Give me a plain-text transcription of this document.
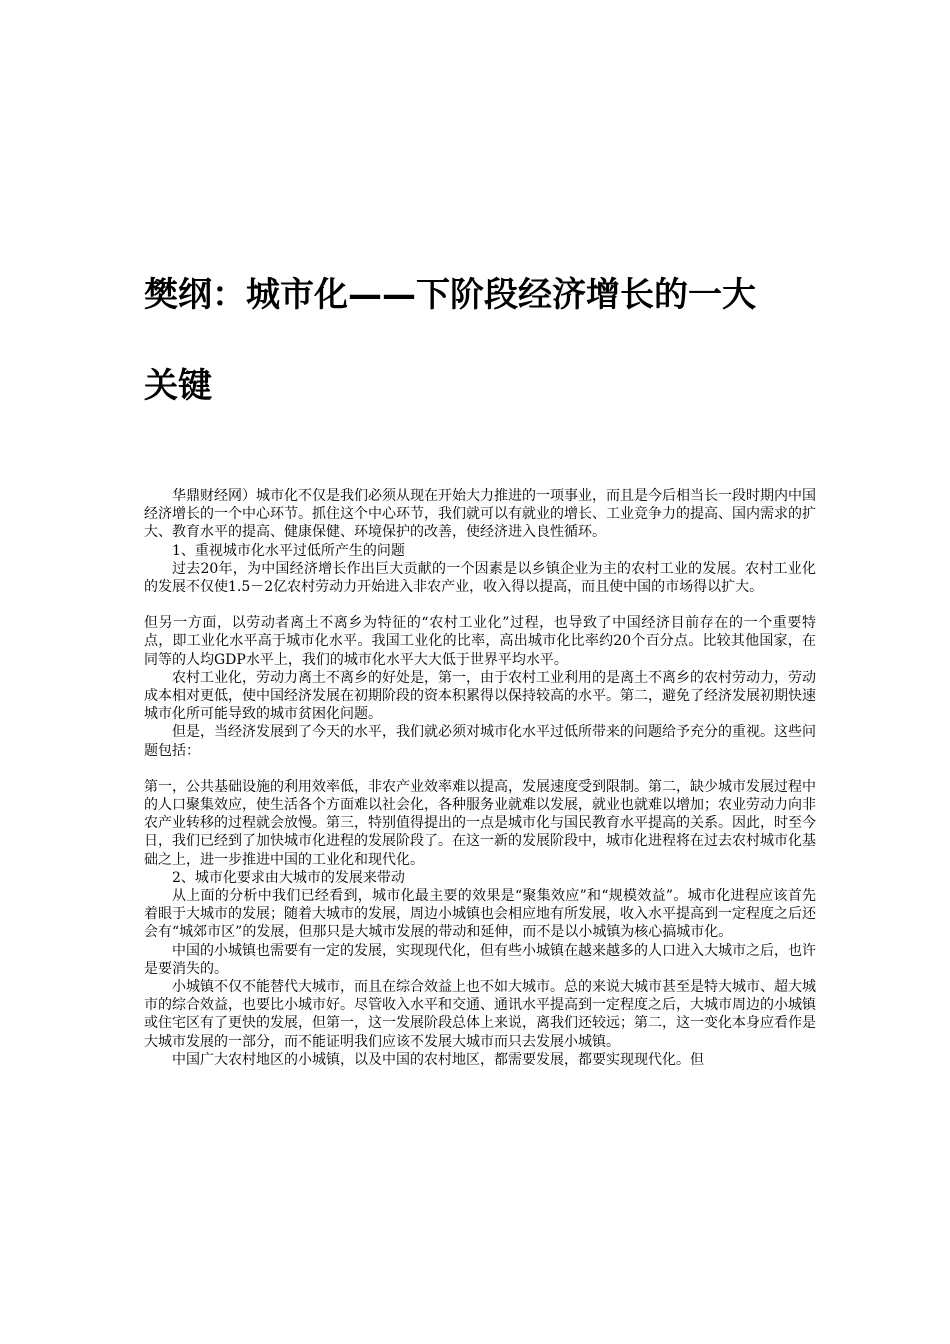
樊纲：城市化——下阶段经济增长的一大
关键

华鼎财经网）城市化不仅是我们必须从现在开始大力推进的一项事业，而且是今后相当长一段时期内中国经济增长的一个中心环节。抓住这个中心环节，我们就可以有就业的增长、工业竞争力的提高、国内需求的扩大、教育水平的提高、健康保健、环境保护的改善，使经济进入良性循环。

1、重视城市化水平过低所产生的问题

过去20年，为中国经济增长作出巨大贡献的一个因素是以乡镇企业为主的农村工业的发展。农村工业化的发展不仅使1.5－2亿农村劳动力开始进入非农产业，收入得以提高，而且使中国的市场得以扩大。

但另一方面，以劳动者离土不离乡为特征的“农村工业化”过程，也导致了中国经济目前存在的一个重要特点，即工业化水平高于城市化水平。我国工业化的比率，高出城市化比率约20个百分点。比较其他国家，在同等的人均GDP水平上，我们的城市化水平大大低于世界平均水平。

农村工业化，劳动力离土不离乡的好处是，第一，由于农村工业利用的是离土不离乡的农村劳动力，劳动成本相对更低，使中国经济发展在初期阶段的资本积累得以保持较高的水平。第二，避免了经济发展初期快速城市化所可能导致的城市贫困化问题。

但是，当经济发展到了今天的水平，我们就必须对城市化水平过低所带来的问题给予充分的重视。这些问题包括：

第一，公共基础设施的利用效率低，非农产业效率难以提高，发展速度受到限制。第二，缺少城市发展过程中的人口聚集效应，使生活各个方面难以社会化，各种服务业就难以发展，就业也就难以增加；农业劳动力向非农产业转移的过程就会放慢。第三，特别值得提出的一点是城市化与国民教育水平提高的关系。因此，时至今日，我们已经到了加快城市化进程的发展阶段了。在这一新的发展阶段中，城市化进程将在过去农村城市化基础之上，进一步推进中国的工业化和现代化。

2、城市化要求由大城市的发展来带动

从上面的分析中我们已经看到，城市化最主要的效果是“聚集效应”和“规模效益”。城市化进程应该首先着眼于大城市的发展；随着大城市的发展，周边小城镇也会相应地有所发展，收入水平提高到一定程度之后还会有“城郊市区”的发展，但那只是大城市发展的带动和延伸，而不是以小城镇为核心搞城市化。

中国的小城镇也需要有一定的发展，实现现代化，但有些小城镇在越来越多的人口进入大城市之后，也许是要消失的。

小城镇不仅不能替代大城市，而且在综合效益上也不如大城市。总的来说大城市甚至是特大城市、超大城市的综合效益，也要比小城市好。尽管收入水平和交通、通讯水平提高到一定程度之后，大城市周边的小城镇或住宅区有了更快的发展，但第一，这一发展阶段总体上来说，离我们还较远；第二，这一变化本身应看作是大城市发展的一部分，而不能证明我们应该不发展大城市而只去发展小城镇。

中国广大农村地区的小城镇，以及中国的农村地区，都需要发展，都要实现现代化。但
